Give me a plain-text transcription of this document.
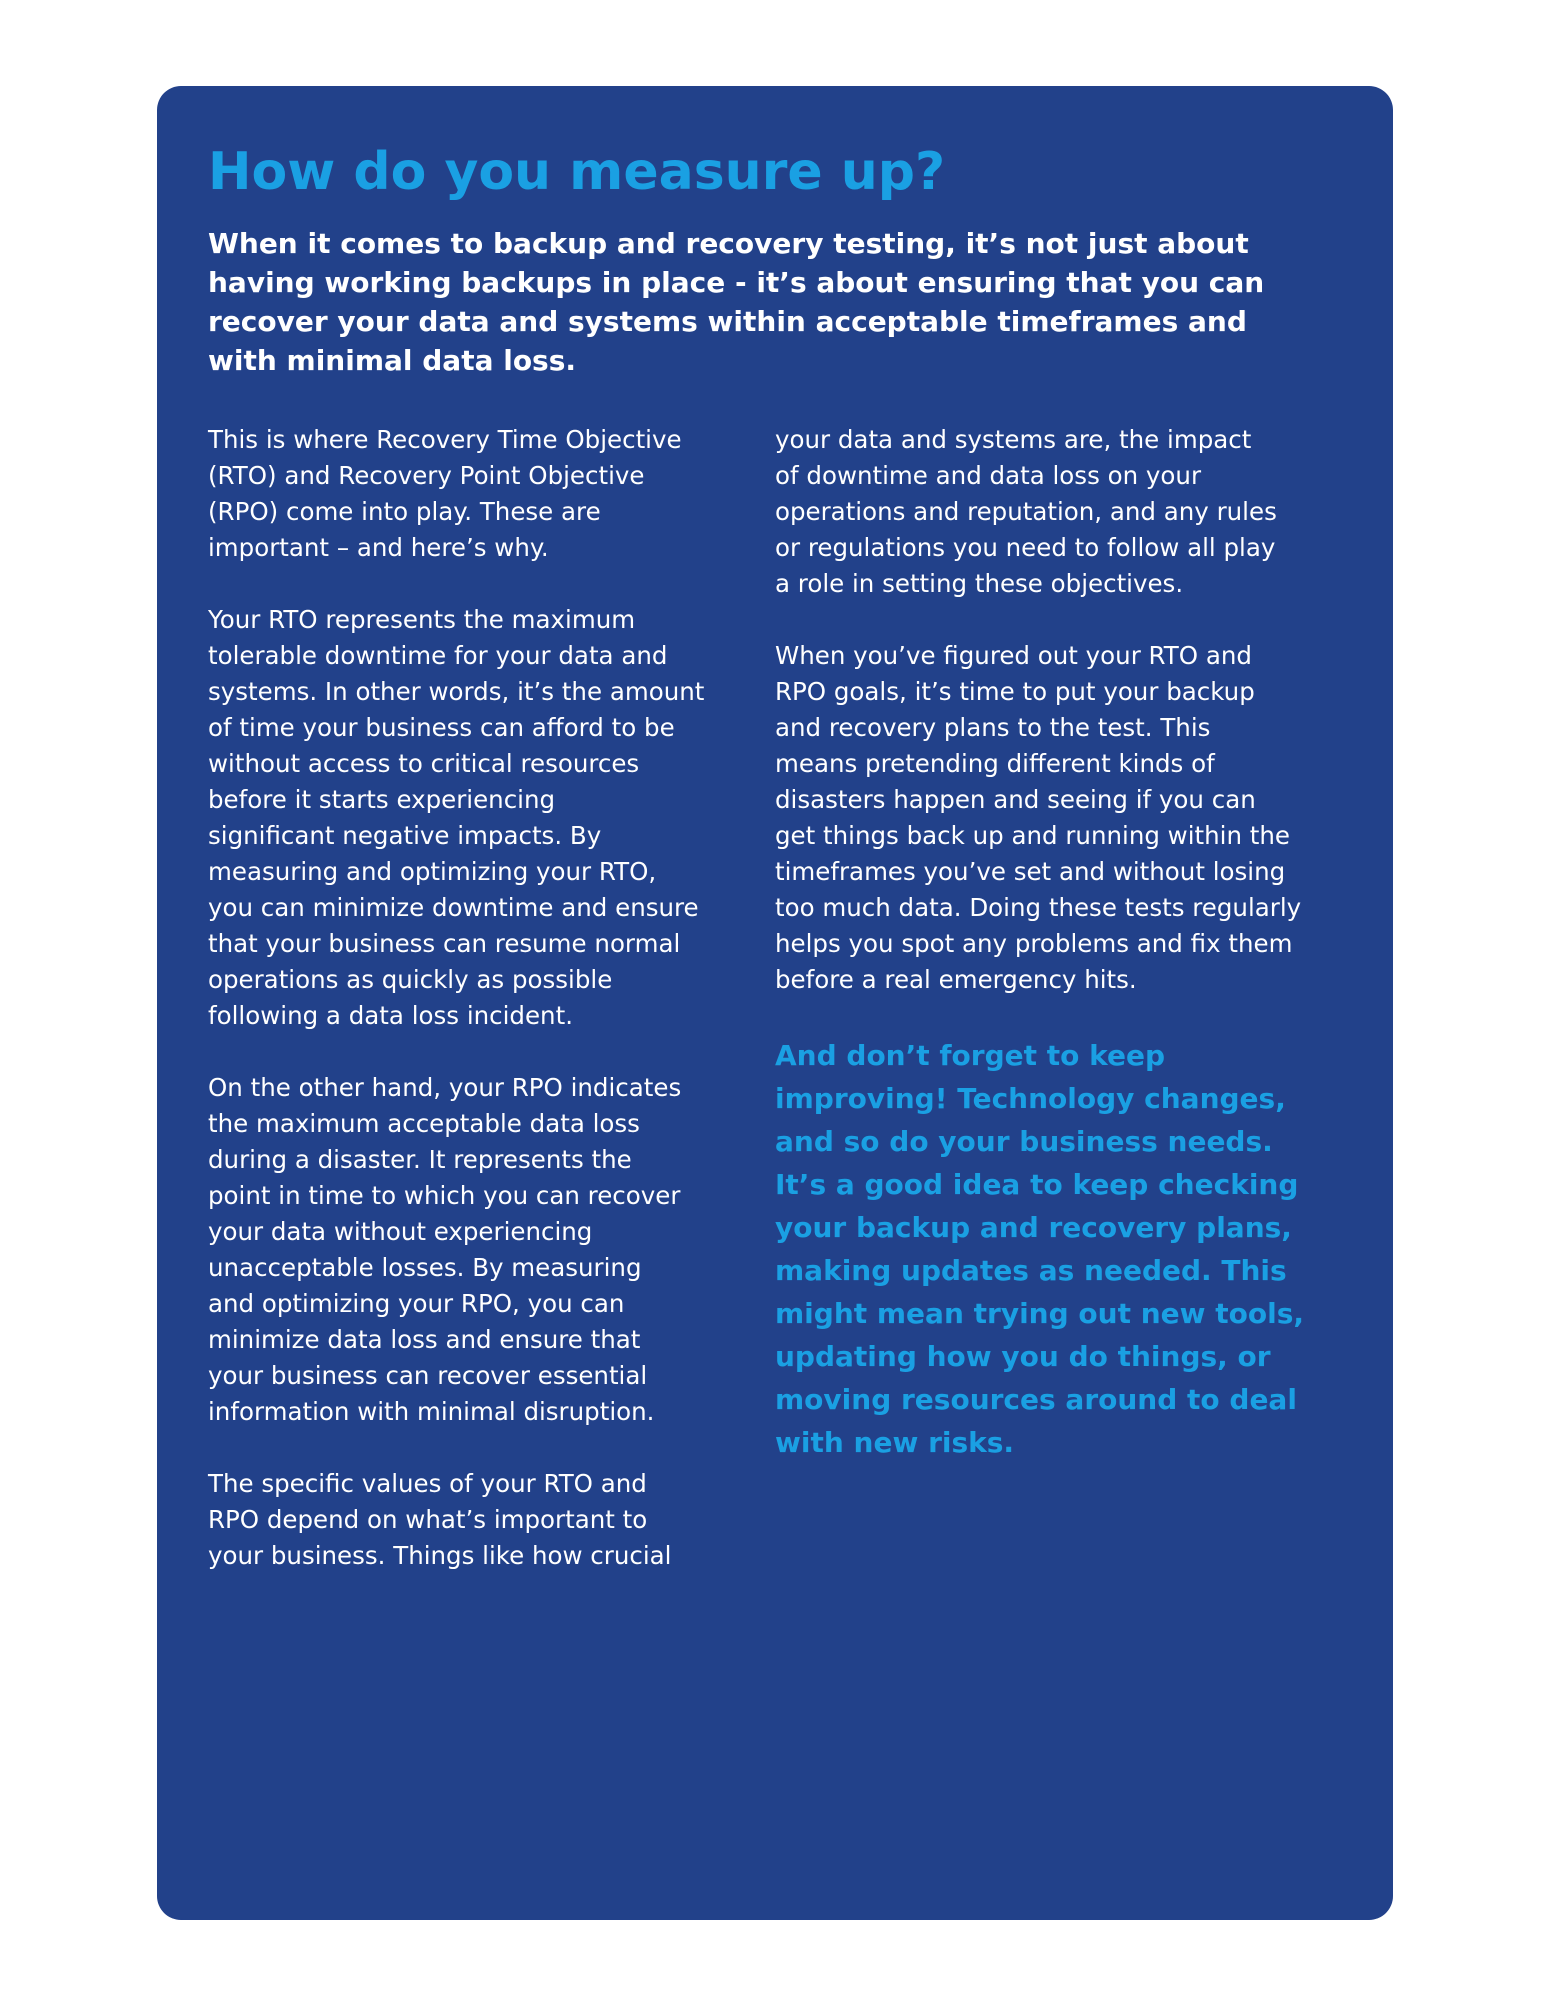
How do you measure up?

When it comes to backup and recovery testing, it’s not just about
having working backups in place - it’s about ensuring that you can
recover your data and systems within acceptable timeframes and
with minimal data loss.

This is where Recovery Time Objective
(RTO) and Recovery Point Objective
(RPO) come into play. These are
important – and here’s why.

Your RTO represents the maximum
tolerable downtime for your data and
systems. In other words, it’s the amount
of time your business can afford to be
without access to critical resources
before it starts experiencing
significant negative impacts. By
measuring and optimizing your RTO,
you can minimize downtime and ensure
that your business can resume normal
operations as quickly as possible
following a data loss incident.

On the other hand, your RPO indicates
the maximum acceptable data loss
during a disaster. It represents the
point in time to which you can recover
your data without experiencing
unacceptable losses. By measuring
and optimizing your RPO, you can
minimize data loss and ensure that
your business can recover essential
information with minimal disruption.

The specific values of your RTO and
RPO depend on what’s important to
your business. Things like how crucial

your data and systems are, the impact
of downtime and data loss on your
operations and reputation, and any rules
or regulations you need to follow all play
a role in setting these objectives.

When you’ve figured out your RTO and
RPO goals, it’s time to put your backup
and recovery plans to the test. This
means pretending different kinds of
disasters happen and seeing if you can
get things back up and running within the
timeframes you’ve set and without losing
too much data. Doing these tests regularly
helps you spot any problems and fix them
before a real emergency hits.

And don’t forget to keep
improving! Technology changes,
and so do your business needs.
It’s a good idea to keep checking
your backup and recovery plans,
making updates as needed. This
might mean trying out new tools,
updating how you do things, or
moving resources around to deal
with new risks.
